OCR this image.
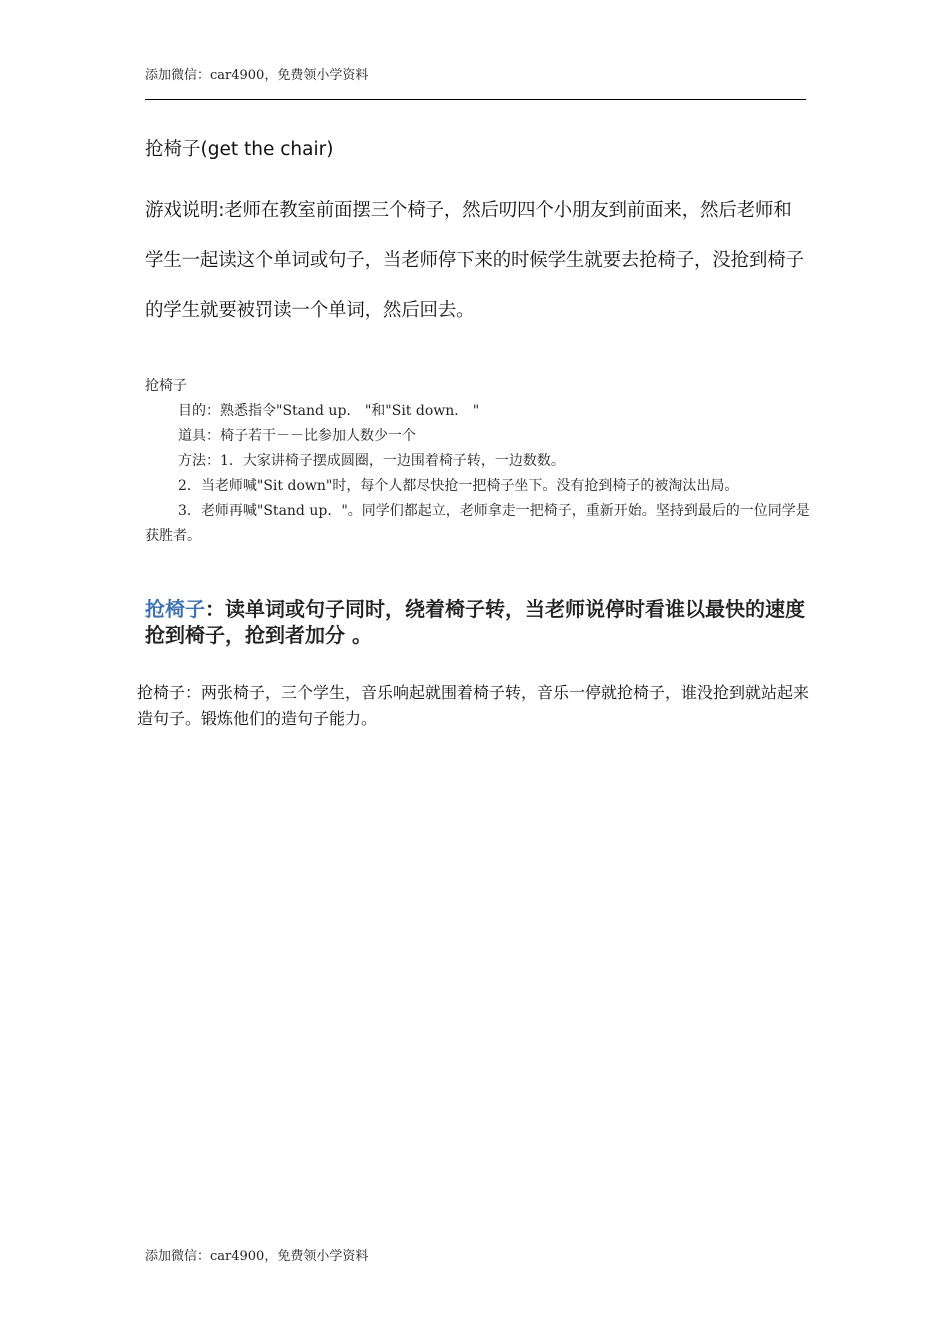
添加微信：car4900，免费领小学资料
抢椅子(get the chair)
游戏说明:老师在教室前面摆三个椅子，然后叨四个小朋友到前面来，然后老师和学生一起读这个单词或句子，当老师停下来的时候学生就要去抢椅子，没抢到椅子的学生就要被罚读一个单词，然后回去。
抢椅子
目的：熟悉指令"Stand up． "和"Sit down． "
道具：椅子若干－－比参加人数少一个
方法：1．大家讲椅子摆成圆圈，一边围着椅子转，一边数数。
2．当老师喊"Sit down"时，每个人都尽快抢一把椅子坐下。没有抢到椅子的被淘汰出局。
3．老师再喊"Stand up．"。同学们都起立，老师拿走一把椅子，重新开始。坚持到最后的一位同学是获胜者。
抢椅子：读单词或句子同时，绕着椅子转，当老师说停时看谁以最快的速度抢到椅子，抢到者加分 。
抢椅子：两张椅子，三个学生，音乐响起就围着椅子转，音乐一停就抢椅子，谁没抢到就站起来造句子。锻炼他们的造句子能力。
添加微信：car4900，免费领小学资料
